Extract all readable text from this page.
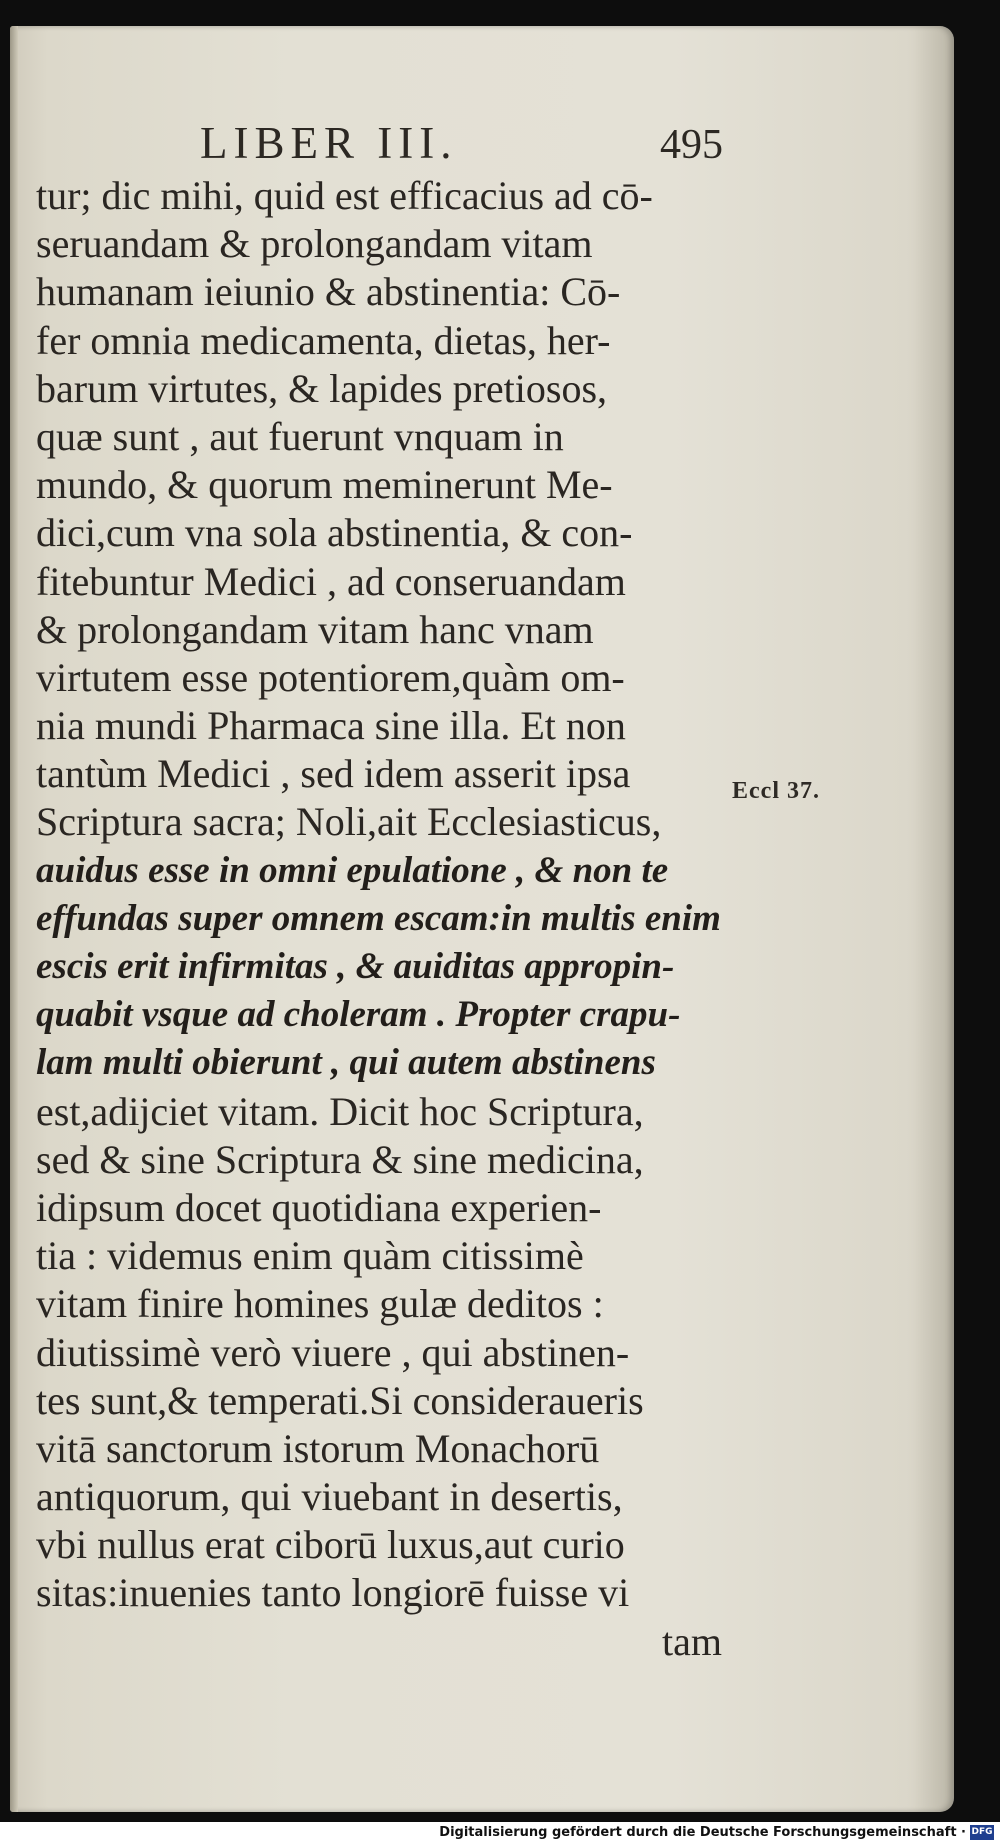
LIBER III.	495
tur; dic mihi, quid est efficacius ad cō-
seruandam & prolongandam vitam
humanam ieiunio & abstinentia: Cō-
fer omnia medicamenta, dietas, her-
barum virtutes, & lapides pretiosos,
quæ sunt , aut fuerunt vnquam in
mundo, & quorum meminerunt Me-
dici,cum vna sola abstinentia, & con-
fitebuntur Medici , ad conseruandam
& prolongandam vitam hanc vnam
virtutem esse potentiorem,quàm om-
nia mundi Pharmaca sine illa. Et non
tantùm Medici , sed idem asserit ipsa
Scriptura sacra; Noli,ait Ecclesiasticus,
auidus esse in omni epulatione , & non te
effundas super omnem escam:in multis enim
escis erit infirmitas , & auiditas appropin-
quabit vsque ad choleram . Propter crapu-
lam multi obierunt , qui autem abstinens
est,adijciet vitam. Dicit hoc Scriptura,
sed & sine Scriptura & sine medicina,
idipsum docet quotidiana experien-
tia : videmus enim quàm citissimè
vitam finire homines gulæ deditos :
diutissimè verò viuere , qui abstinen-
tes sunt,& temperati.Si consideraueris
vitā sanctorum istorum Monachorū
antiquorum, qui viuebant in desertis,
vbi nullus erat ciborū luxus,aut curio
sitas:inuenies tanto longiorē fuisse vi
tam
Eccl 37.
Digitalisierung gefördert durch die Deutsche Forschungsgemeinschaft · DFG
